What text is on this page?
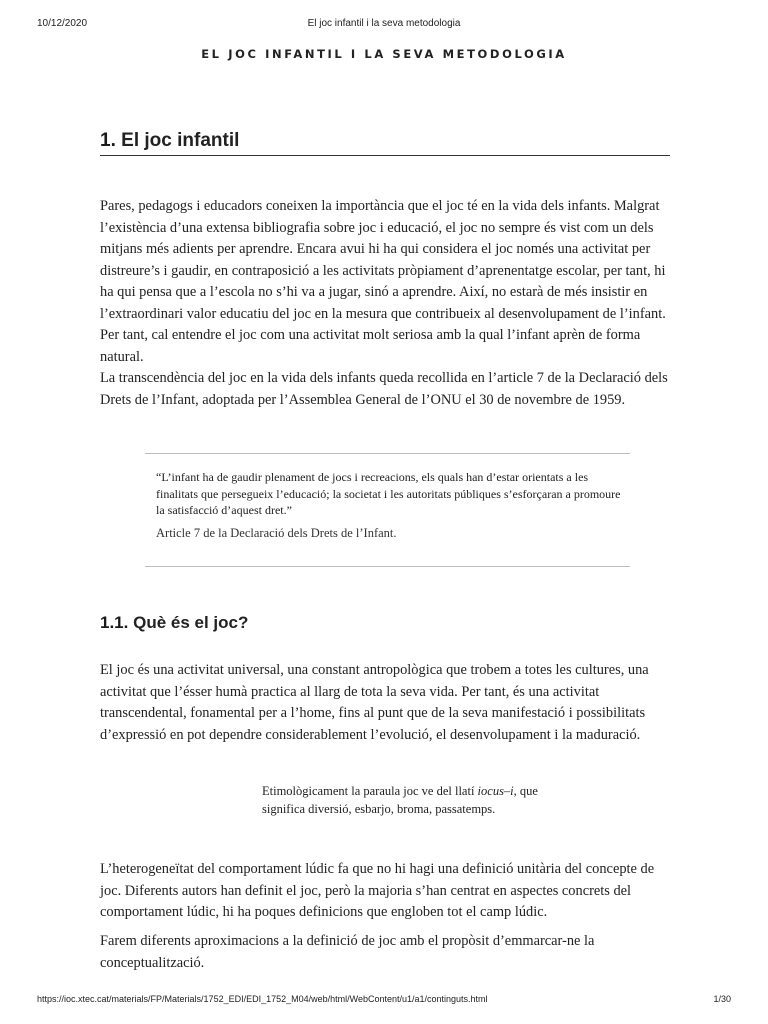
10/12/2020	El joc infantil i la seva metodologia
EL JOC INFANTIL I LA SEVA METODOLOGIA
1. El joc infantil

Pares, pedagogs i educadors coneixen la importància que el joc té en la vida dels infants. Malgrat l’existència d’una extensa bibliografia sobre joc i educació, el joc no sempre és vist com un dels mitjans més adients per aprendre. Encara avui hi ha qui considera el joc només una activitat per distreure’s i gaudir, en contraposició a les activitats pròpiament d’aprenentatge escolar, per tant, hi ha qui pensa que a l’escola no s’hi va a jugar, sinó a aprendre. Així, no estarà de més insistir en l’extraordinari valor educatiu del joc en la mesura que contribueix al desenvolupament de l’infant. Per tant, cal entendre el joc com una activitat molt seriosa amb la qual l’infant aprèn de forma natural.

La transcendència del joc en la vida dels infants queda recollida en l’article 7 de la Declaració dels Drets de l’Infant, adoptada per l’Assemblea General de l’ONU el 30 de novembre de 1959.

“L’infant ha de gaudir plenament de jocs i recreacions, els quals han d’estar orientats a les finalitats que persegueix l’educació; la societat i les autoritats públiques s’esforçaran a promoure la satisfacció d’aquest dret.”

Article 7 de la Declaració dels Drets de l’Infant.

1.1. Què és el joc?

El joc és una activitat universal, una constant antropològica que trobem a totes les cultures, una activitat que l’ésser humà practica al llarg de tota la seva vida. Per tant, és una activitat transcendental, fonamental per a l’home, fins al punt que de la seva manifestació i possibilitats d’expressió en pot dependre considerablement l’evolució, el desenvolupament i la maduració.

Etimològicament la paraula joc ve del llatí iocus–i, que significa diversió, esbarjo, broma, passatemps.

L’heterogeneïtat del comportament lúdic fa que no hi hagi una definició unitària del concepte de joc. Diferents autors han definit el joc, però la majoria s’han centrat en aspectes concrets del comportament lúdic, hi ha poques definicions que engloben tot el camp lúdic.

Farem diferents aproximacions a la definició de joc amb el propòsit d’emmarcar-ne la conceptualització.

https://ioc.xtec.cat/materials/FP/Materials/1752_EDI/EDI_1752_M04/web/html/WebContent/u1/a1/continguts.html	1/30
